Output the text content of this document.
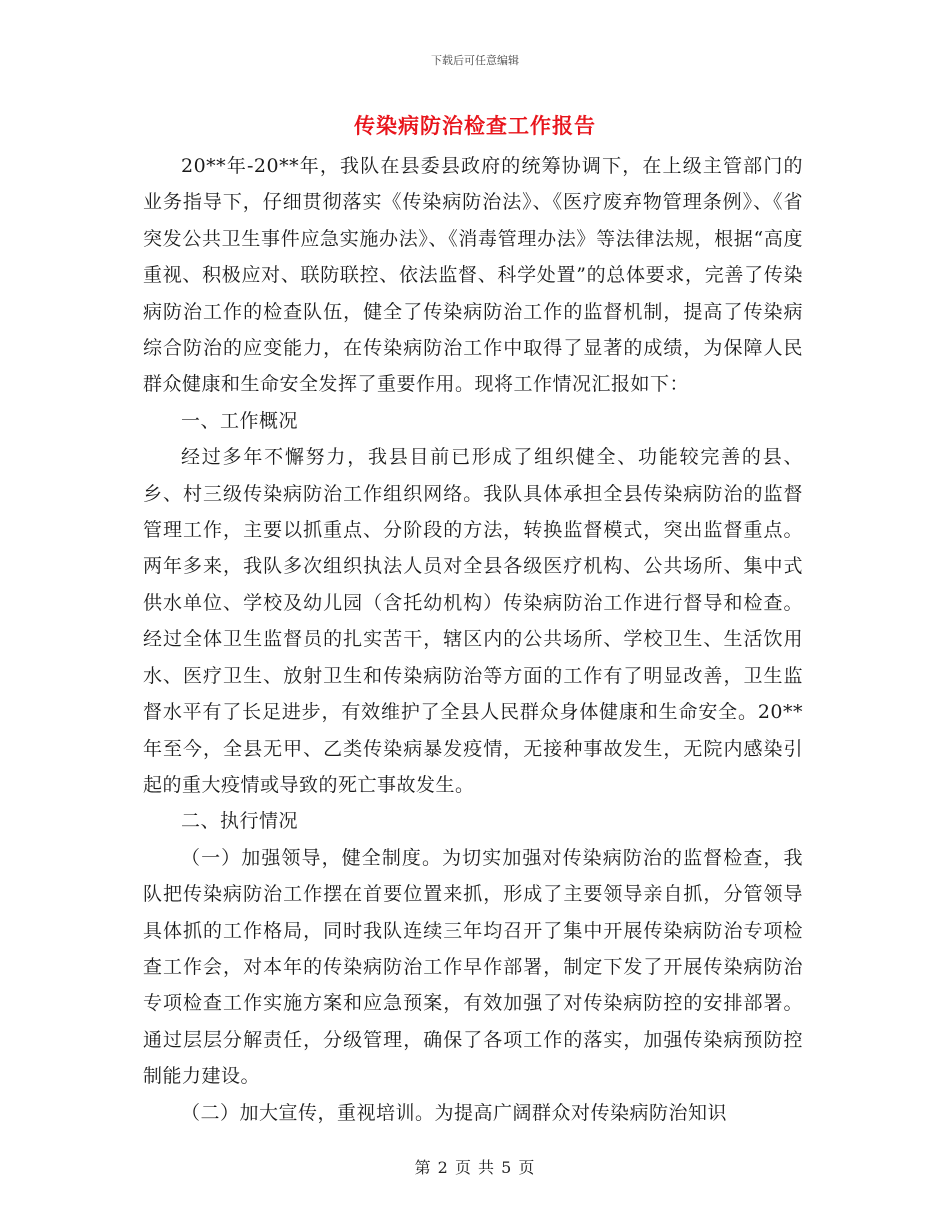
下载后可任意编辑
传染病防治检查工作报告

20**年-20**年，我队在县委县政府的统筹协调下，在上级主管部门的业务指导下，仔细贯彻落实《传染病防治法》、《医疗废弃物管理条例》、《省突发公共卫生事件应急实施办法》、《消毒管理办法》等法律法规，根据“高度重视、积极应对、联防联控、依法监督、科学处置”的总体要求，完善了传染病防治工作的检查队伍，健全了传染病防治工作的监督机制，提高了传染病综合防治的应变能力，在传染病防治工作中取得了显著的成绩，为保障人民群众健康和生命安全发挥了重要作用。现将工作情况汇报如下：

一、工作概况

经过多年不懈努力，我县目前已形成了组织健全、功能较完善的县、乡、村三级传染病防治工作组织网络。我队具体承担全县传染病防治的监督管理工作，主要以抓重点、分阶段的方法，转换监督模式，突出监督重点。两年多来，我队多次组织执法人员对全县各级医疗机构、公共场所、集中式供水单位、学校及幼儿园（含托幼机构）传染病防治工作进行督导和检查。经过全体卫生监督员的扎实苦干，辖区内的公共场所、学校卫生、生活饮用水、医疗卫生、放射卫生和传染病防治等方面的工作有了明显改善，卫生监督水平有了长足进步，有效维护了全县人民群众身体健康和生命安全。20**年至今，全县无甲、乙类传染病暴发疫情，无接种事故发生，无院内感染引起的重大疫情或导致的死亡事故发生。

二、执行情况

（一）加强领导，健全制度。为切实加强对传染病防治的监督检查，我队把传染病防治工作摆在首要位置来抓，形成了主要领导亲自抓，分管领导具体抓的工作格局，同时我队连续三年均召开了集中开展传染病防治专项检查工作会，对本年的传染病防治工作早作部署，制定下发了开展传染病防治专项检查工作实施方案和应急预案，有效加强了对传染病防控的安排部署。通过层层分解责任，分级管理，确保了各项工作的落实，加强传染病预防控制能力建设。

（二）加大宣传，重视培训。为提高广阔群众对传染病防治知识

第 2 页 共 5 页
